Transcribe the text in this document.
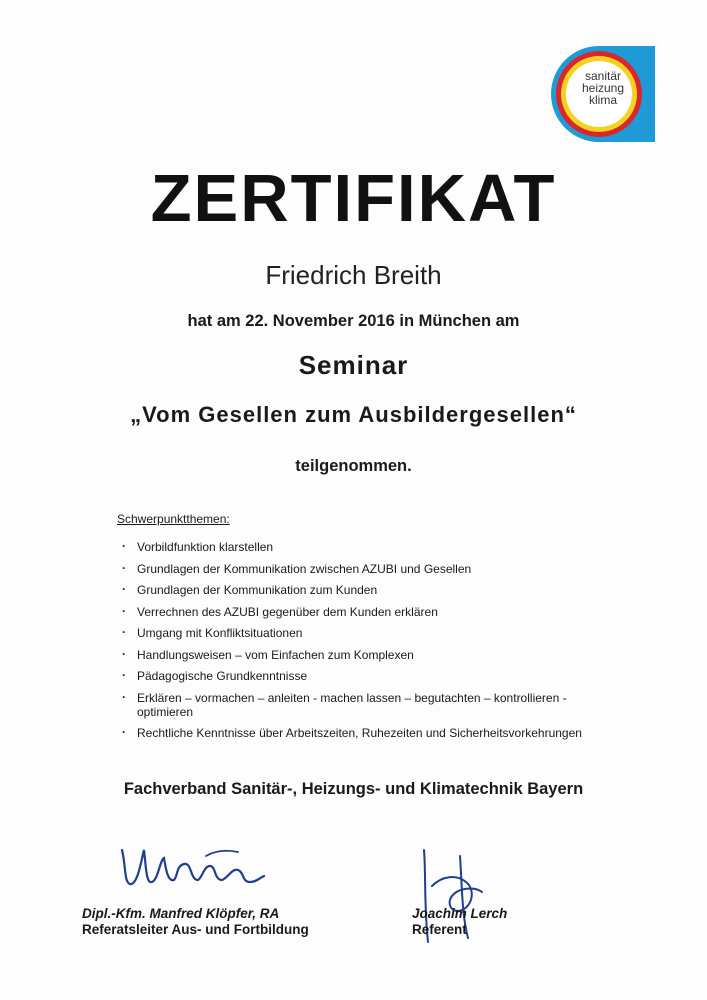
sanitär
heizung
klima
ZERTIFIKAT
Friedrich Breith
hat am 22. November 2016 in München am
Seminar
„Vom Gesellen zum Ausbildergesellen“
teilgenommen.
Schwerpunktthemen:
· Vorbildfunktion klarstellen
· Grundlagen der Kommunikation zwischen AZUBI und Gesellen
· Grundlagen der Kommunikation zum Kunden
· Verrechnen des AZUBI gegenüber dem Kunden erklären
· Umgang mit Konfliktsituationen
· Handlungsweisen – vom Einfachen zum Komplexen
· Pädagogische Grundkenntnisse
· Erklären – vormachen – anleiten - machen lassen – begutachten – kontrollieren - optimieren
· Rechtliche Kenntnisse über Arbeitszeiten, Ruhezeiten und Sicherheitsvorkehrungen
Fachverband Sanitär-, Heizungs- und Klimatechnik Bayern
Dipl.-Kfm. Manfred Klöpfer, RA
Referatsleiter Aus- und Fortbildung
Joachim Lerch
Referent
